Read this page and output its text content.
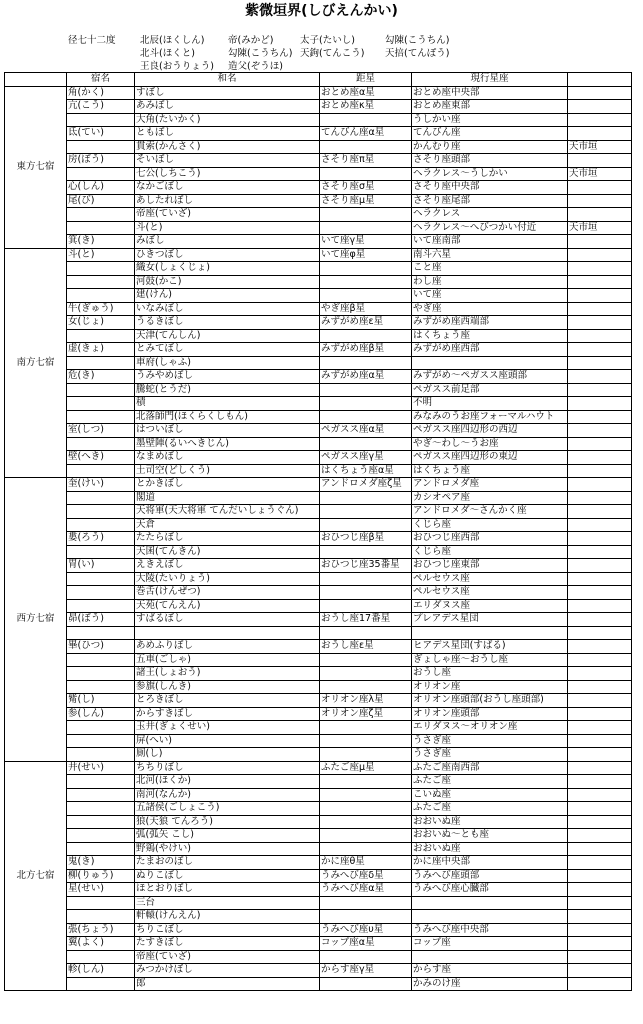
紫微垣界(しびえんかい)
径七十二度	北辰(ほくしん) 帝(みかど)	太子(たいし)	勾陳(こうちん)
北斗(ほくと)	勾陳(こうちん) 天鉤(てんこう) 天掊(てんぽう)
王良(おうりょう) 造父(ぞうほ)
	宿名	和名	距星	現行星座	
東方七宿	角(かく)	すぼし	おとめ座α星	おとめ座中央部	
	亢(こう)	あみぼし	おとめ座κ星	おとめ座東部	
		大角(たいかく)		うしかい座	
	氐(てい)	ともぼし	てんびん座α星	てんびん座	
		貫索(かんさく)		かんむり座	天市垣
	房(ぼう)	そいぼし	さそり座π星	さそり座頭部	
		七公(しちこう)		ヘラクレス～うしかい	天市垣
	心(しん)	なかごぼし	さそり座σ星	さそり座中央部	
	尾(び)	あしたれぼし	さそり座μ星	さそり座尾部	
		帝座(ていざ)		ヘラクレス	
		斗(と)		ヘラクレス～へびつかい付近	天市垣
	箕(き)	みぼし	いて座γ星	いて座南部	
南方七宿	斗(と)	ひきつぼし	いて座φ星	南斗六星	
		織女(しょくじょ)		こと座	
		河鼓(かこ)		わし座	
		建(けん)		いて座	
	牛(ぎゅう)	いなみぼし	やぎ座β星	やぎ座	
	女(じょ)	うるきぼし	みずがめ座ε星	みずがめ座西端部	
		天津(てんしん)		はくちょう座	
	虚(きょ)	とみてぼし	みずがめ座β星	みずがめ座西部	
		車府(しゃふ)			
	危(き)	うみやめぼし	みずがめ座α星	みずがめ～ペガスス座頭部	
		騰蛇(とうだ)		ペガスス前足部	
		積		不明	
		北落師門(ほくらくしもん)		みなみのうお座フォーマルハウト	
	室(しつ)	はついぼし	ペガスス座α星	ペガスス座四辺形の西辺	
		墨壁陣(るいへきじん)		やぎ～わし～うお座	
	壁(へき)	なまめぼし	ペガスス座γ星	ペガスス座四辺形の東辺	
		土司空(どしくう)	はくちょう座α星	はくちょう座	
西方七宿	奎(けい)	とかきぼし	アンドロメダ座ζ星	アンドロメダ座	
		閣道		カシオペア座	
		天将軍(天大将軍 てんだいしょうぐん)		アンドロメダ～さんかく座	
		天倉		くじら座	
	婁(ろう)	たたらぼし	おひつじ座β星	おひつじ座西部	
		天囷(てんきん)		くじら座	
	胃(い)	えきえぼし	おひつじ座35番星	おひつじ座東部	
		大陵(たいりょう)		ペルセウス座	
		巻舌(けんぜつ)		ペルセウス座	
		天苑(てんえん)		エリダヌス座	
	昴(ぼう)	すばるぼし	おうし座17番星	プレアデス星団	

	畢(ひつ)	あめふりぼし	おうし座ε星	ヒアデス星団(すばる)	
		五車(ごしゃ)		ぎょしゃ座～おうし座	
		諸王(しょおう)		おうし座	
		参旗(しんき)		オリオン座	
	觜(し)	とろきぼし	オリオン座λ星	オリオン座頭部(おうし座頭部)	
	参(しん)	からすきぼし	オリオン座ζ星	オリオン座頭部	
		玉井(ぎょくせい)		エリダヌス～オリオン座	
		屏(へい)		うさぎ座	
		厠(し)		うさぎ座	
北方七宿	井(せい)	ちちりぼし	ふたご座μ星	ふたご座南西部	
		北河(ほくか)		ふたご座	
		南河(なんか)		こいぬ座	
		五諸侯(ごしょこう)		ふたご座	
		狼(天狼 てんろう)		おおいぬ座	
		弧(弧矢 こし)		おおいぬ～とも座	
		野鶏(やけい)		おおいぬ座	
	鬼(き)	たまおのぼし	かに座θ星	かに座中央部	
	柳(りゅう)	ぬりこぼし	うみへび座δ星	うみへび座頭部	
	星(せい)	ほとおりぼし	うみへび座α星	うみへび座心臓部	
		三台			
		軒轅(けんえん)			
	張(ちょう)	ちりこぼし	うみへび座υ星	うみへび座中央部	
	翼(よく)	たすきぼし	コップ座α星	コップ座	
		帝座(ていざ)			
	軫(しん)	みつかけぼし	からす座γ星	からす座	
		郎		かみのけ座	
